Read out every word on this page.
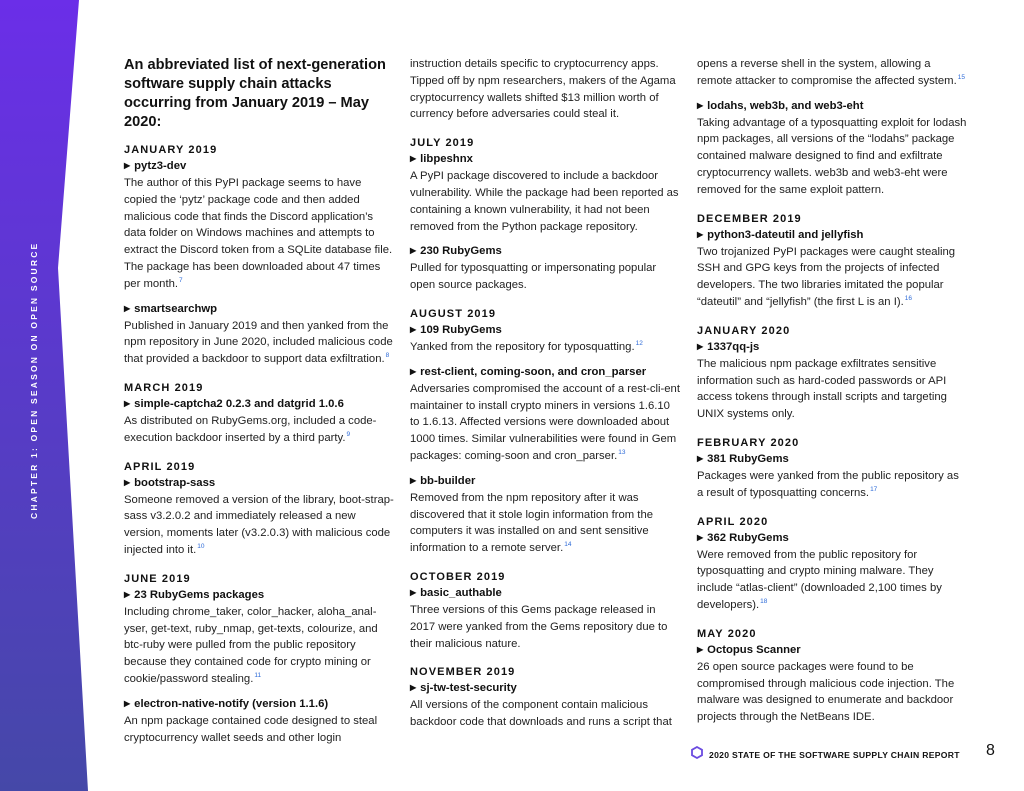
CHAPTER 1: OPEN SEASON ON OPEN SOURCE
An abbreviated list of next-generation software supply chain attacks occurring from January 2019 – May 2020:
JANUARY 2019
▶ pytz3-dev
The author of this PyPI package seems to have copied the ‘pytz’ package code and then added malicious code that finds the Discord application’s data folder on Windows machines and attempts to extract the Discord token from a SQLite database file. The package has been downloaded about 47 times per month.$^7$
▶ smartsearchwp
Published in January 2019 and then yanked from the npm repository in June 2020, included malicious code that provided a backdoor to support data exfiltration.$^8$
MARCH 2019
▶ simple-captcha2 0.2.3 and datgrid 1.0.6
As distributed on RubyGems.org, included a code-execution backdoor inserted by a third party.$^9$
APRIL 2019
▶ bootstrap-sass
Someone removed a version of the library, boot-strap-sass v3.2.0.2 and immediately released a new version, moments later (v3.2.0.3) with malicious code injected into it.$^{10}$
JUNE 2019
▶ 23 RubyGems packages
Including chrome_taker, color_hacker, aloha_anal-yser, get-text, ruby_nmap, get-texts, colourize, and btc-ruby were pulled from the public repository because they contained code for crypto mining or cookie/password stealing.$^{11}$
▶ electron-native-notify (version 1.1.6)
An npm package contained code designed to steal cryptocurrency wallet seeds and other login
instruction details specific to cryptocurrency apps. Tipped off by npm researchers, makers of the Agama cryptocurrency wallets shifted $13 million worth of currency before adversaries could steal it.
JULY 2019
▶ libpeshnx
A PyPI package discovered to include a backdoor vulnerability. While the package had been reported as containing a known vulnerability, it had not been removed from the Python package repository.
▶ 230 RubyGems
Pulled for typosquatting or impersonating popular open source packages.
AUGUST 2019
▶ 109 RubyGems
Yanked from the repository for typosquatting.$^{12}$
▶ rest-client, coming-soon, and cron_parser
Adversaries compromised the account of a rest-cli-ent maintainer to install crypto miners in versions 1.6.10 to 1.6.13. Affected versions were downloaded about 1000 times. Similar vulnerabilities were found in Gem packages: coming-soon and cron_parser.$^{13}$
▶ bb-builder
Removed from the npm repository after it was discovered that it stole login information from the computers it was installed on and sent sensitive information to a remote server.$^{14}$
OCTOBER 2019
▶ basic_authable
Three versions of this Gems package released in 2017 were yanked from the Gems repository due to their malicious nature.
NOVEMBER 2019
▶ sj-tw-test-security
All versions of the component contain malicious backdoor code that downloads and runs a script that
opens a reverse shell in the system, allowing a remote attacker to compromise the affected system.$^{15}$
▶ lodahs, web3b, and web3-eht
Taking advantage of a typosquatting exploit for lodash npm packages, all versions of the “lodahs” package contained malware designed to find and exfiltrate cryptocurrency wallets. web3b and web3-eht were removed for the same exploit pattern.
DECEMBER 2019
▶ python3-dateutil and jellyfish
Two trojanized PyPI packages were caught stealing SSH and GPG keys from the projects of infected developers. The two libraries imitated the popular “dateutil” and “jellyfish” (the first L is an I).$^{16}$
JANUARY 2020
▶ 1337qq-js
The malicious npm package exfiltrates sensitive information such as hard-coded passwords or API access tokens through install scripts and targeting UNIX systems only.
FEBRUARY 2020
▶ 381 RubyGems
Packages were yanked from the public repository as a result of typosquatting concerns.$^{17}$
APRIL 2020
▶ 362 RubyGems
Were removed from the public repository for typosquatting and crypto mining malware. They include “atlas-client” (downloaded 2,100 times by developers).$^{18}$
MAY 2020
▶ Octopus Scanner
26 open source packages were found to be compromised through malicious code injection. The malware was designed to enumerate and backdoor projects through the NetBeans IDE.
2020 STATE OF THE SOFTWARE SUPPLY CHAIN REPORT 8
